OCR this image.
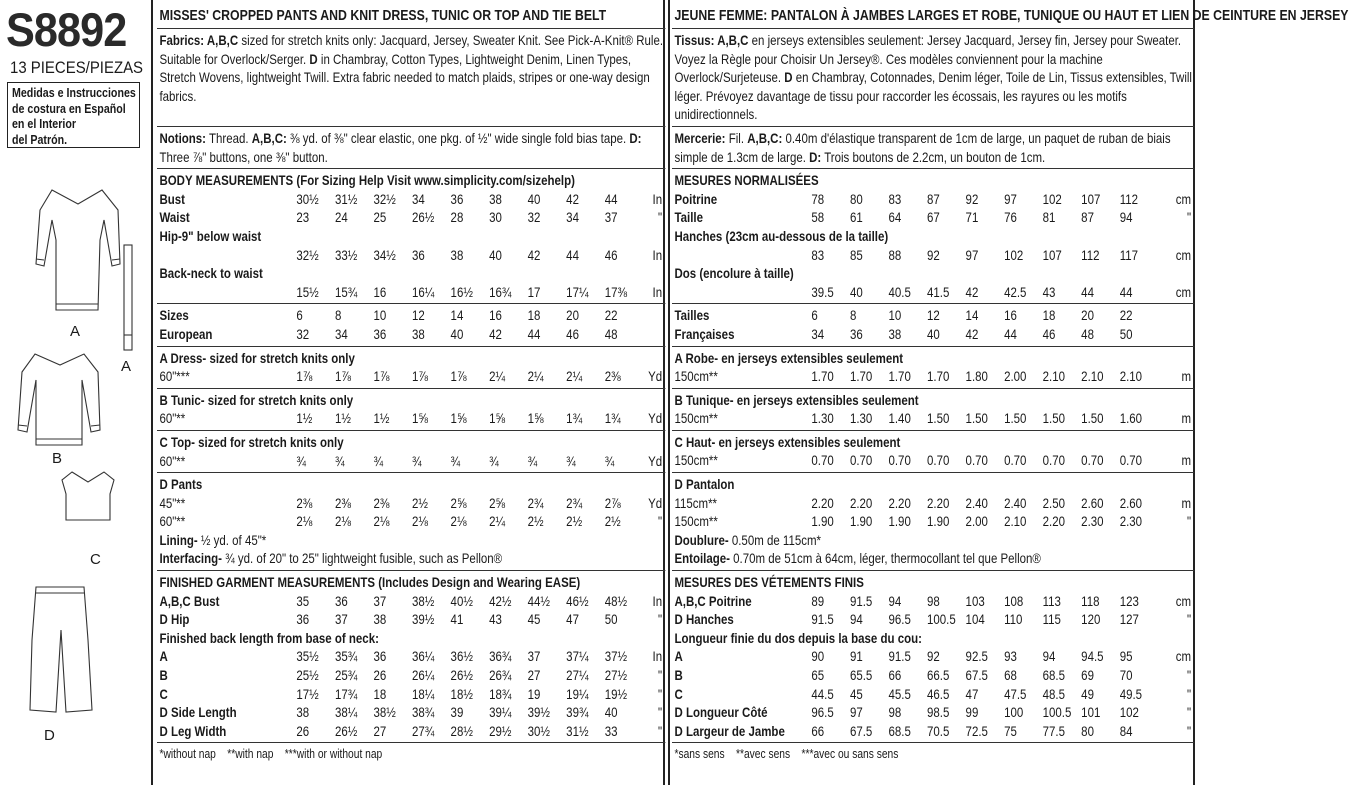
S8892
13 PIECES/PIEZAS
Medidas e Instrucciones
de costura en Español
en el Interior
del Patrón.
A
A
B
C
D
MISSES' CROPPED PANTS AND KNIT DRESS, TUNIC OR TOP AND TIE BELT
Fabrics: A,B,C sized for stretch knits only: Jacquard, Jersey, Sweater Knit. See Pick-A-Knit® Rule. Suitable for Overlock/Serger. D in Chambray, Cotton Types, Lightweight Denim, Linen Types, Stretch Wovens, lightweight Twill. Extra fabric needed to match plaids, stripes or one-way design fabrics.
Notions: Thread. A,B,C: ⅜ yd. of ⅜" clear elastic, one pkg. of ½" wide single fold bias tape. D: Three ⅞" buttons, one ⅜" button.
BODY MEASUREMENTS (For Sizing Help Visit www.simplicity.com/sizehelp)
Bust	30½	31½	32½	34	36	38	40	42	44	In
Waist	23	24	25	26½	28	30	32	34	37	"
Hip-9" below waist
32½	33½	34½	36	38	40	42	44	46	In
Back-neck to waist
15½	15¾	16	16¼	16½	16¾	17	17¼	17⅜	In
Sizes	6	8	10	12	14	16	18	20	22
European	32	34	36	38	40	42	44	46	48
A Dress- sized for stretch knits only
60"***	1⅞	1⅞	1⅞	1⅞	1⅞	2¼	2¼	2¼	2⅜	Yd
B Tunic- sized for stretch knits only
60"**	1½	1½	1½	1⅝	1⅝	1⅝	1⅝	1¾	1¾	Yd
C Top- sized for stretch knits only
60"**	¾	¾	¾	¾	¾	¾	¾	¾	¾	Yd
D Pants
45"**	2⅜	2⅜	2⅜	2½	2⅝	2⅝	2¾	2¾	2⅞	Yd
60"**	2⅛	2⅛	2⅛	2⅛	2⅛	2¼	2½	2½	2½	"
Lining- ½ yd. of 45"*
Interfacing- ¾ yd. of 20" to 25" lightweight fusible, such as Pellon®
FINISHED GARMENT MEASUREMENTS (Includes Design and Wearing EASE)
A,B,C Bust	35	36	37	38½	40½	42½	44½	46½	48½	In
D Hip	36	37	38	39½	41	43	45	47	50	"
Finished back length from base of neck:
A	35½	35¾	36	36¼	36½	36¾	37	37¼	37½	In
B	25½	25¾	26	26¼	26½	26¾	27	27¼	27½	"
C	17½	17¾	18	18¼	18½	18¾	19	19¼	19½	"
D Side Length	38	38¼	38½	38¾	39	39¼	39½	39¾	40	"
D Leg Width	26	26½	27	27¾	28½	29½	30½	31½	33	"
*without nap    **with nap    ***with or without nap
JEUNE FEMME: PANTALON À JAMBES LARGES ET ROBE, TUNIQUE OU HAUT ET LIEN DE CEINTURE EN JERSEY
Tissus: A,B,C en jerseys extensibles seulement: Jersey Jacquard, Jersey fin, Jersey pour Sweater. Voyez la Règle pour Choisir Un Jersey®. Ces modèles conviennent pour la machine Overlock/Surjeteuse. D en Chambray, Cotonnades, Denim léger, Toile de Lin, Tissus extensibles, Twill léger. Prévoyez davantage de tissu pour raccorder les écossais, les rayures ou les motifs unidirectionnels.
Mercerie: Fil. A,B,C: 0.40m d'élastique transparent de 1cm de large, un paquet de ruban de biais simple de 1.3cm de large. D: Trois boutons de 2.2cm, un bouton de 1cm.
MESURES NORMALISÉES
Poitrine	78	80	83	87	92	97	102	107	112	cm
Taille	58	61	64	67	71	76	81	87	94	"
Hanches (23cm au-dessous de la taille)
83	85	88	92	97	102	107	112	117	cm
Dos (encolure à taille)
39.5	40	40.5	41.5	42	42.5	43	44	44	cm
Tailles	6	8	10	12	14	16	18	20	22
Françaises	34	36	38	40	42	44	46	48	50
A Robe- en jerseys extensibles seulement
150cm**	1.70	1.70	1.70	1.70	1.80	2.00	2.10	2.10	2.10	m
B Tunique- en jerseys extensibles seulement
150cm**	1.30	1.30	1.40	1.50	1.50	1.50	1.50	1.50	1.60	m
C Haut- en jerseys extensibles seulement
150cm**	0.70	0.70	0.70	0.70	0.70	0.70	0.70	0.70	0.70	m
D Pantalon
115cm**	2.20	2.20	2.20	2.20	2.40	2.40	2.50	2.60	2.60	m
150cm**	1.90	1.90	1.90	1.90	2.00	2.10	2.20	2.30	2.30	"
Doublure- 0.50m de 115cm*
Entoilage- 0.70m de 51cm à 64cm, léger, thermocollant tel que Pellon®
MESURES DES VÉTEMENTS FINIS
A,B,C Poitrine	89	91.5	94	98	103	108	113	118	123	cm
D Hanches	91.5	94	96.5	100.5 104	110	115	120	127	"
Longueur finie du dos depuis la base du cou:
A	90	91	91.5	92	92.5	93	94	94.5	95	cm
B	65	65.5	66	66.5	67.5	68	68.5	69	70	"
C	44.5	45	45.5	46.5	47	47.5	48.5	49	49.5	"
D Longueur Côté	96.5	97	98	98.5	99	100	100.5 101	102	"
D Largeur de Jambe	66	67.5	68.5	70.5	72.5	75	77.5	80	84	"
*sans sens    **avec sens    ***avec ou sans sens
